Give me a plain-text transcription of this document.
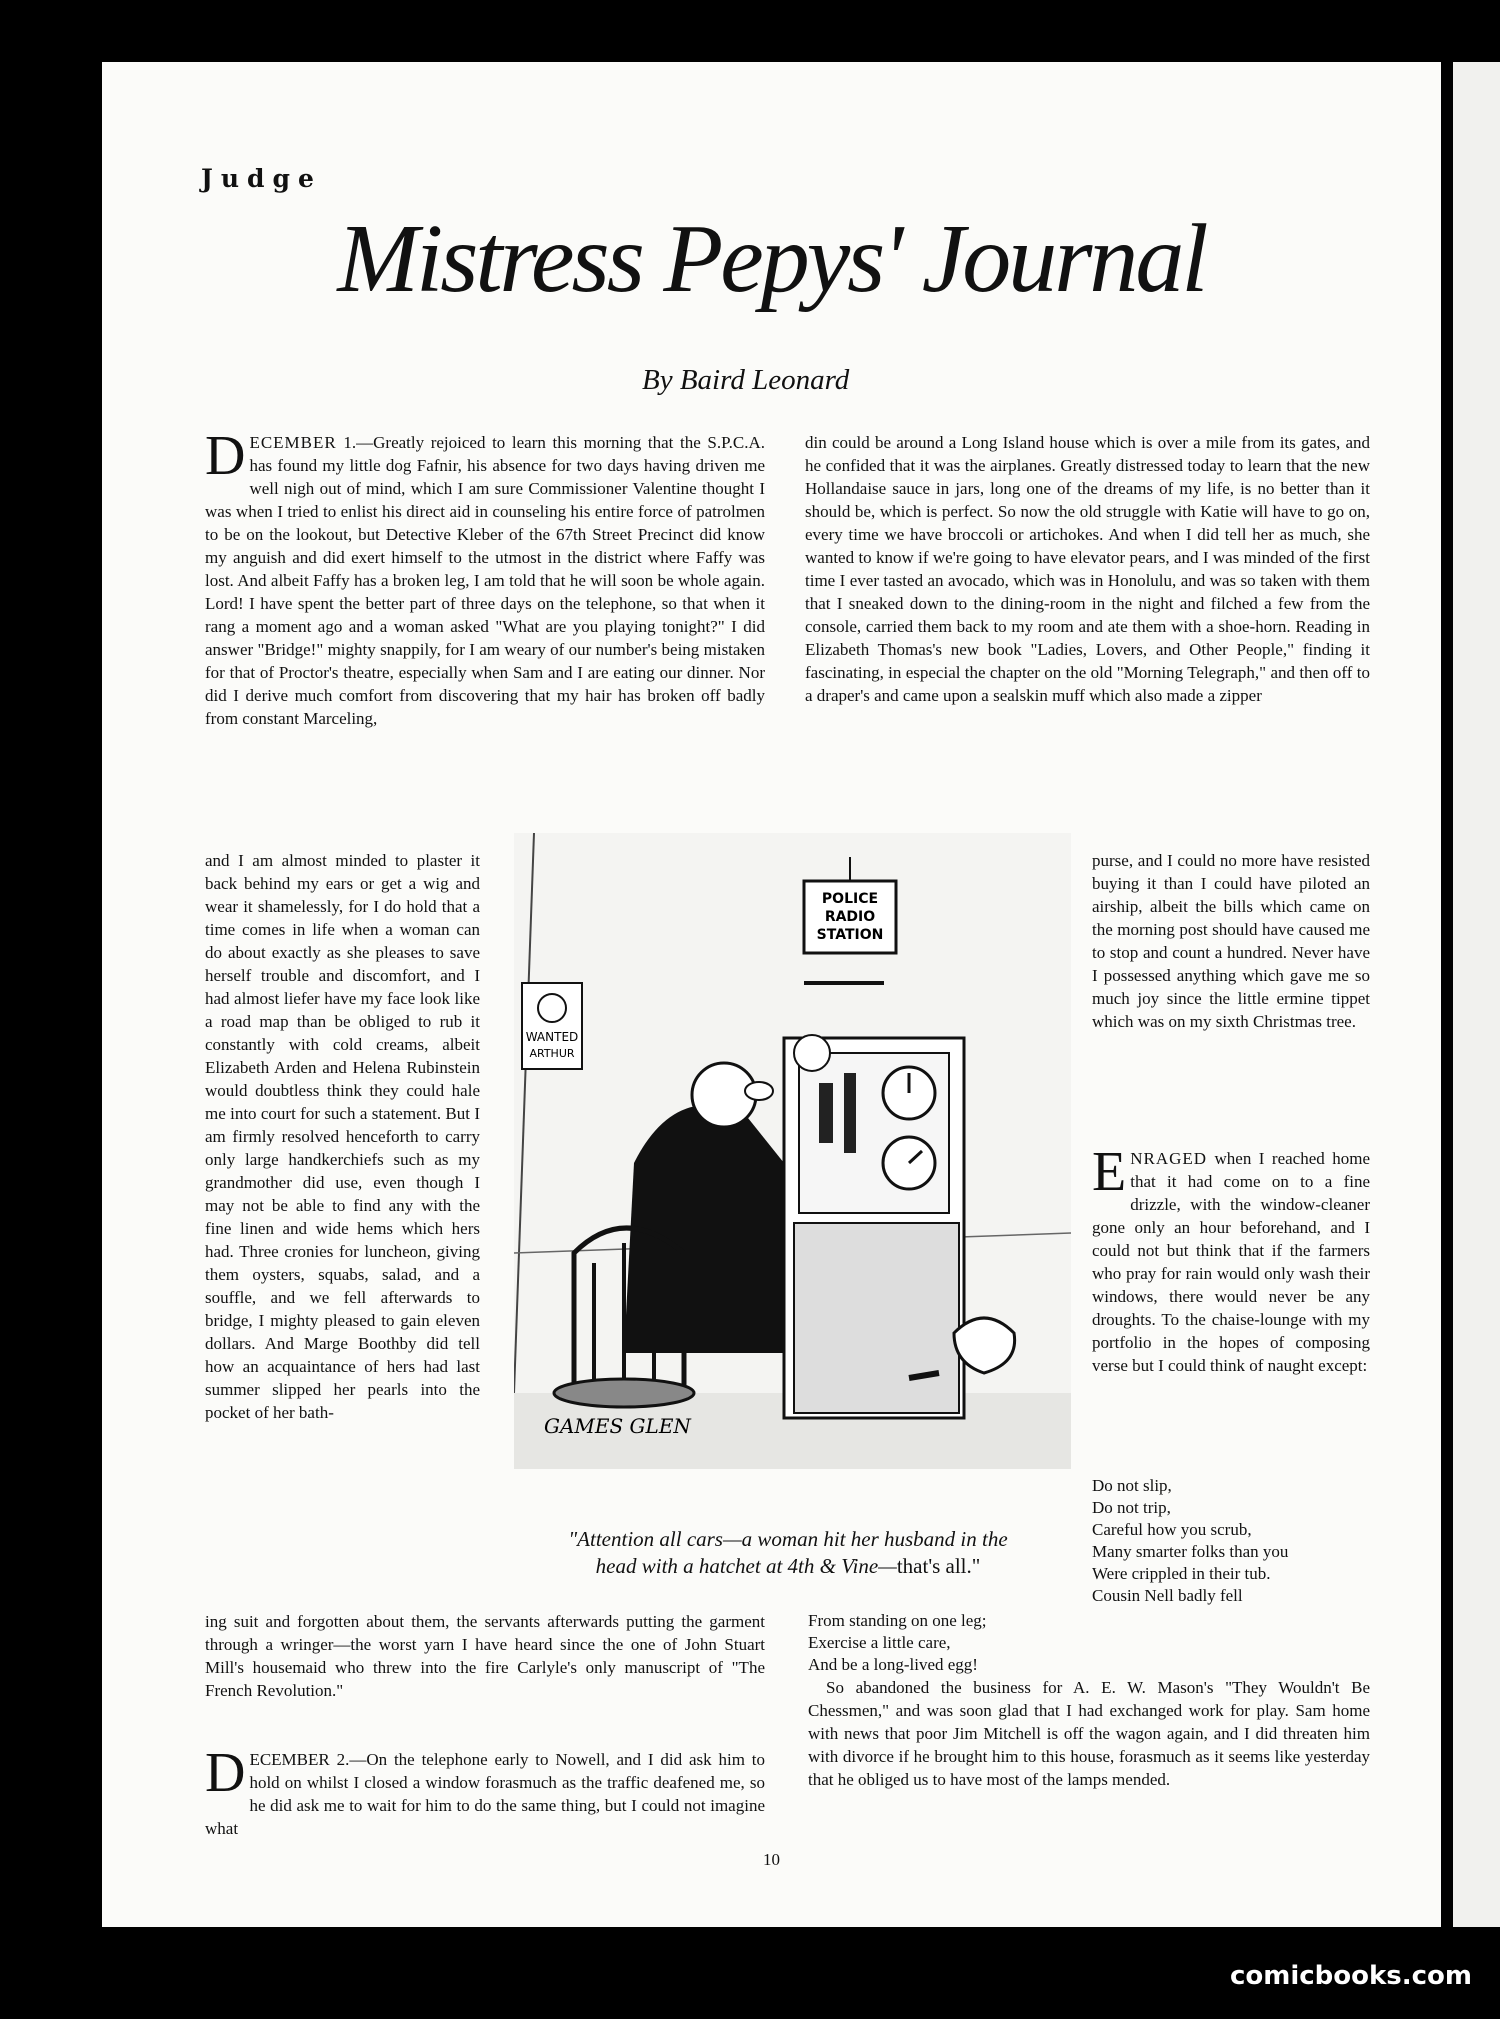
Judge
Mistress Pepys' Journal
By Baird Leonard

DECEMBER 1.—Greatly rejoiced to learn this morning that the S.P.C.A. has found my little dog Fafnir, his absence for two days having driven me well nigh out of mind, which I am sure Commissioner Valentine thought I was when I tried to enlist his direct aid in counseling his entire force of patrolmen to be on the lookout, but Detective Kleber of the 67th Street Precinct did know my anguish and did exert himself to the utmost in the district where Faffy was lost. And albeit Faffy has a broken leg, I am told that he will soon be whole again. Lord! I have spent the better part of three days on the telephone, so that when it rang a moment ago and a woman asked "What are you playing tonight?" I did answer "Bridge!" mighty snappily, for I am weary of our number's being mistaken for that of Proctor's theatre, especially when Sam and I are eating our dinner. Nor did I derive much comfort from discovering that my hair has broken off badly from constant Marceling,

and I am almost minded to plaster it back behind my ears or get a wig and wear it shamelessly, for I do hold that a time comes in life when a woman can do about exactly as she pleases to save herself trouble and discomfort, and I had almost liefer have my face look like a road map than be obliged to rub it constantly with cold creams, albeit Elizabeth Arden and Helena Rubinstein would doubtless think they could hale me into court for such a statement. But I am firmly resolved henceforth to carry only large handkerchiefs such as my grandmother did use, even though I may not be able to find any with the fine linen and wide hems which hers had. Three cronies for luncheon, giving them oysters, squabs, salad, and a souffle, and we fell afterwards to bridge, I mighty pleased to gain eleven dollars. And Marge Boothby did tell how an acquaintance of hers had last summer slipped her pearls into the pocket of her bath-

ing suit and forgotten about them, the servants afterwards putting the garment through a wringer—the worst yarn I have heard since the one of John Stuart Mill's housemaid who threw into the fire Carlyle's only manuscript of "The French Revolution."

DECEMBER 2.—On the telephone early to Nowell, and I did ask him to hold on whilst I closed a window forasmuch as the traffic deafened me, so he did ask me to wait for him to do the same thing, but I could not imagine what

din could be around a Long Island house which is over a mile from its gates, and he confided that it was the airplanes. Greatly distressed today to learn that the new Hollandaise sauce in jars, long one of the dreams of my life, is no better than it should be, which is perfect. So now the old struggle with Katie will have to go on, every time we have broccoli or artichokes. And when I did tell her as much, she wanted to know if we're going to have elevator pears, and I was minded of the first time I ever tasted an avocado, which was in Honolulu, and was so taken with them that I sneaked down to the dining-room in the night and filched a few from the console, carried them back to my room and ate them with a shoe-horn. Reading in Elizabeth Thomas's new book "Ladies, Lovers, and Other People," finding it fascinating, in especial the chapter on the old "Morning Telegraph," and then off to a draper's and came upon a sealskin muff which also made a zipper

purse, and I could no more have resisted buying it than I could have piloted an airship, albeit the bills which came on the morning post should have caused me to stop and count a hundred. Never have I possessed anything which gave me so much joy since the little ermine tippet which was on my sixth Christmas tree.

ENRAGED when I reached home that it had come on to a fine drizzle, with the window-cleaner gone only an hour beforehand, and I could not but think that if the farmers who pray for rain would only wash their windows, there would never be any droughts. To the chaise-lounge with my portfolio in the hopes of composing verse but I could think of naught except:

Do not slip,
Do not trip,
Careful how you scrub,
Many smarter folks than you
Were crippled in their tub.
Cousin Nell badly fell
From standing on one leg;
Exercise a little care,
And be a long-lived egg!

So abandoned the business for A. E. W. Mason's "They Wouldn't Be Chessmen," and was soon glad that I had exchanged work for play. Sam home with news that poor Jim Mitchell is off the wagon again, and I did threaten him with divorce if he brought him to this house, forasmuch as it seems like yesterday that he obliged us to have most of the lamps mended.

POLICE
RADIO
STATION
WANTED
ARTHUR
GAMES GLEN
"Attention all cars—a woman hit her husband in the
head with a hatchet at 4th & Vine—that's all."
10
comicbooks.com
